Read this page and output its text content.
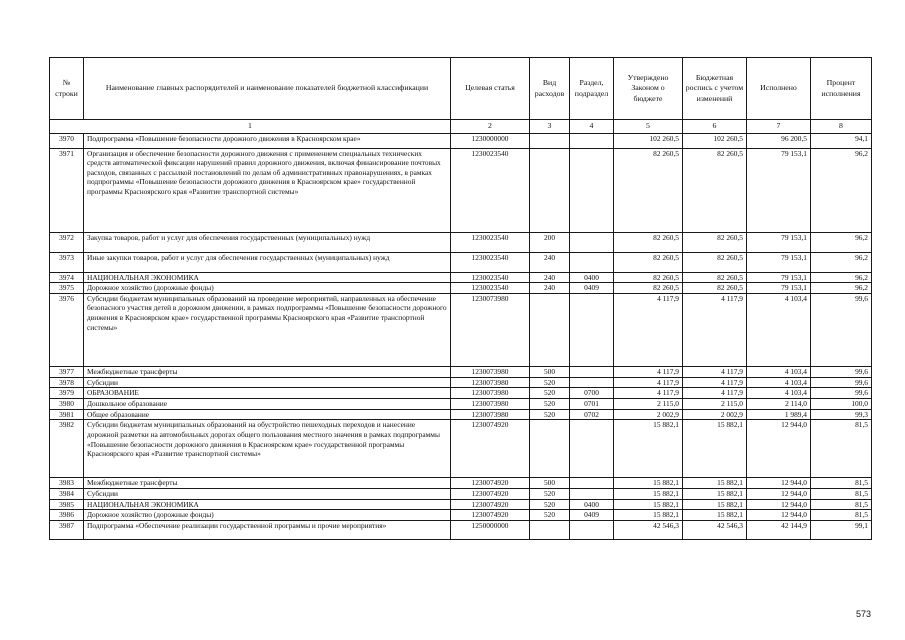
№ строки	Наименование главных распорядителей и наименование показателей бюджетной классификации	Целевая статья	Вид расходов	Раздел, подраздел	Утверждено Законом о бюджете	Бюджетная роспись с учетом изменений	Исполнено	Процент исполнения
1		2	3	4	5	6	7	8
3970	Подпрограмма «Повышение безопасности дорожного движения в Красноярском крае»	1230000000			102 260,5	102 260,5	96 200,5	94,1
3971	Организация и обеспечение безопасности дорожного движения с применением специальных технических средств автоматической фиксации нарушений правил дорожного движения, включая финансирование почтовых расходов, связанных с рассылкой постановлений по делам об административных правонарушениях, в рамках подпрограммы «Повышение безопасности дорожного движения в Красноярском крае» государственной программы Красноярского края «Развитие транспортной системы»	1230023540			82 260,5	82 260,5	79 153,1	96,2
3972	Закупка товаров, работ и услуг для обеспечения государственных (муниципальных) нужд	1230023540	200		82 260,5	82 260,5	79 153,1	96,2
3973	Иные закупки товаров, работ и услуг для обеспечения государственных (муниципальных) нужд	1230023540	240		82 260,5	82 260,5	79 153,1	96,2
3974	НАЦИОНАЛЬНАЯ ЭКОНОМИКА	1230023540	240	0400	82 260,5	82 260,5	79 153,1	96,2
3975	Дорожное хозяйство (дорожные фонды)	1230023540	240	0409	82 260,5	82 260,5	79 153,1	96,2
3976	Субсидии бюджетам муниципальных образований на проведение мероприятий, направленных на обеспечение безопасного участия детей в дорожном движении, в рамках подпрограммы «Повышение безопасности дорожного движения в Красноярском крае» государственной программы Красноярского края «Развитие транспортной системы»	1230073980			4 117,9	4 117,9	4 103,4	99,6
3977	Межбюджетные трансферты	1230073980	500		4 117,9	4 117,9	4 103,4	99,6
3978	Субсидии	1230073980	520		4 117,9	4 117,9	4 103,4	99,6
3979	ОБРАЗОВАНИЕ	1230073980	520	0700	4 117,9	4 117,9	4 103,4	99,6
3980	Дошкольное образование	1230073980	520	0701	2 115,0	2 115,0	2 114,0	100,0
3981	Общее образование	1230073980	520	0702	2 002,9	2 002,9	1 989,4	99,3
3982	Субсидии бюджетам муниципальных образований на обустройство пешеходных переходов и нанесение дорожной разметки на автомобильных дорогах общего пользования местного значения в рамках подпрограммы «Повышение безопасности дорожного движения в Красноярском крае» государственной программы Красноярского края «Развитие транспортной системы»	1230074920			15 882,1	15 882,1	12 944,0	81,5
3983	Межбюджетные трансферты	1230074920	500		15 882,1	15 882,1	12 944,0	81,5
3984	Субсидии	1230074920	520		15 882,1	15 882,1	12 944,0	81,5
3985	НАЦИОНАЛЬНАЯ ЭКОНОМИКА	1230074920	520	0400	15 882,1	15 882,1	12 944,0	81,5
3986	Дорожное хозяйство (дорожные фонды)	1230074920	520	0409	15 882,1	15 882,1	12 944,0	81,5
3987	Подпрограмма «Обеспечение реализации государственной программы и прочие мероприятия»	1250000000			42 546,3	42 546,3	42 144,9	99,1
573
